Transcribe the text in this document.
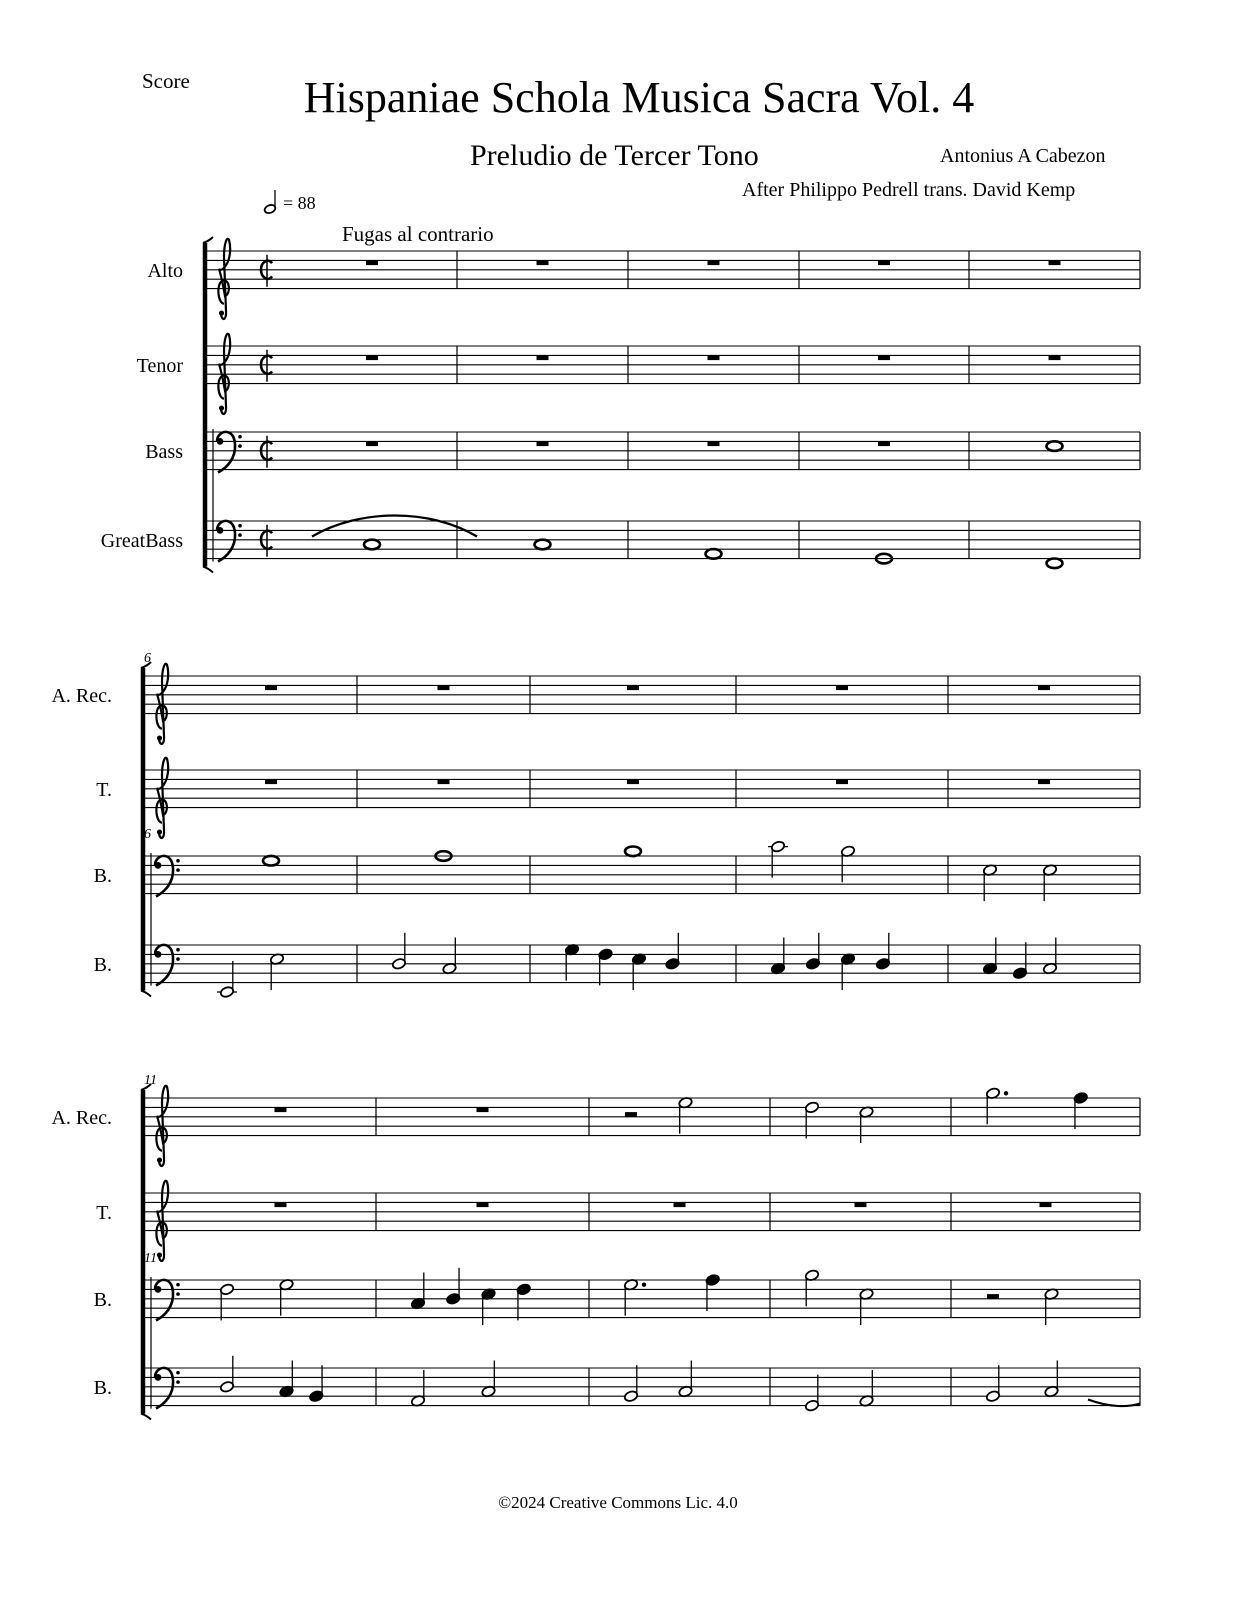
Score	Hispaniae Schola Musica Sacra Vol. 4
Preludio de Tercer Tono	Antonius A Cabezon
After Philippo Pedrell trans. David Kemp
= 88
Fugas al contrario
Alto
Tenor
Bass
GreatBass
6
6
A. Rec.
T.
B.
B.
11
11
A. Rec.
T.
B.
B.
©2024 Creative Commons Lic. 4.0
